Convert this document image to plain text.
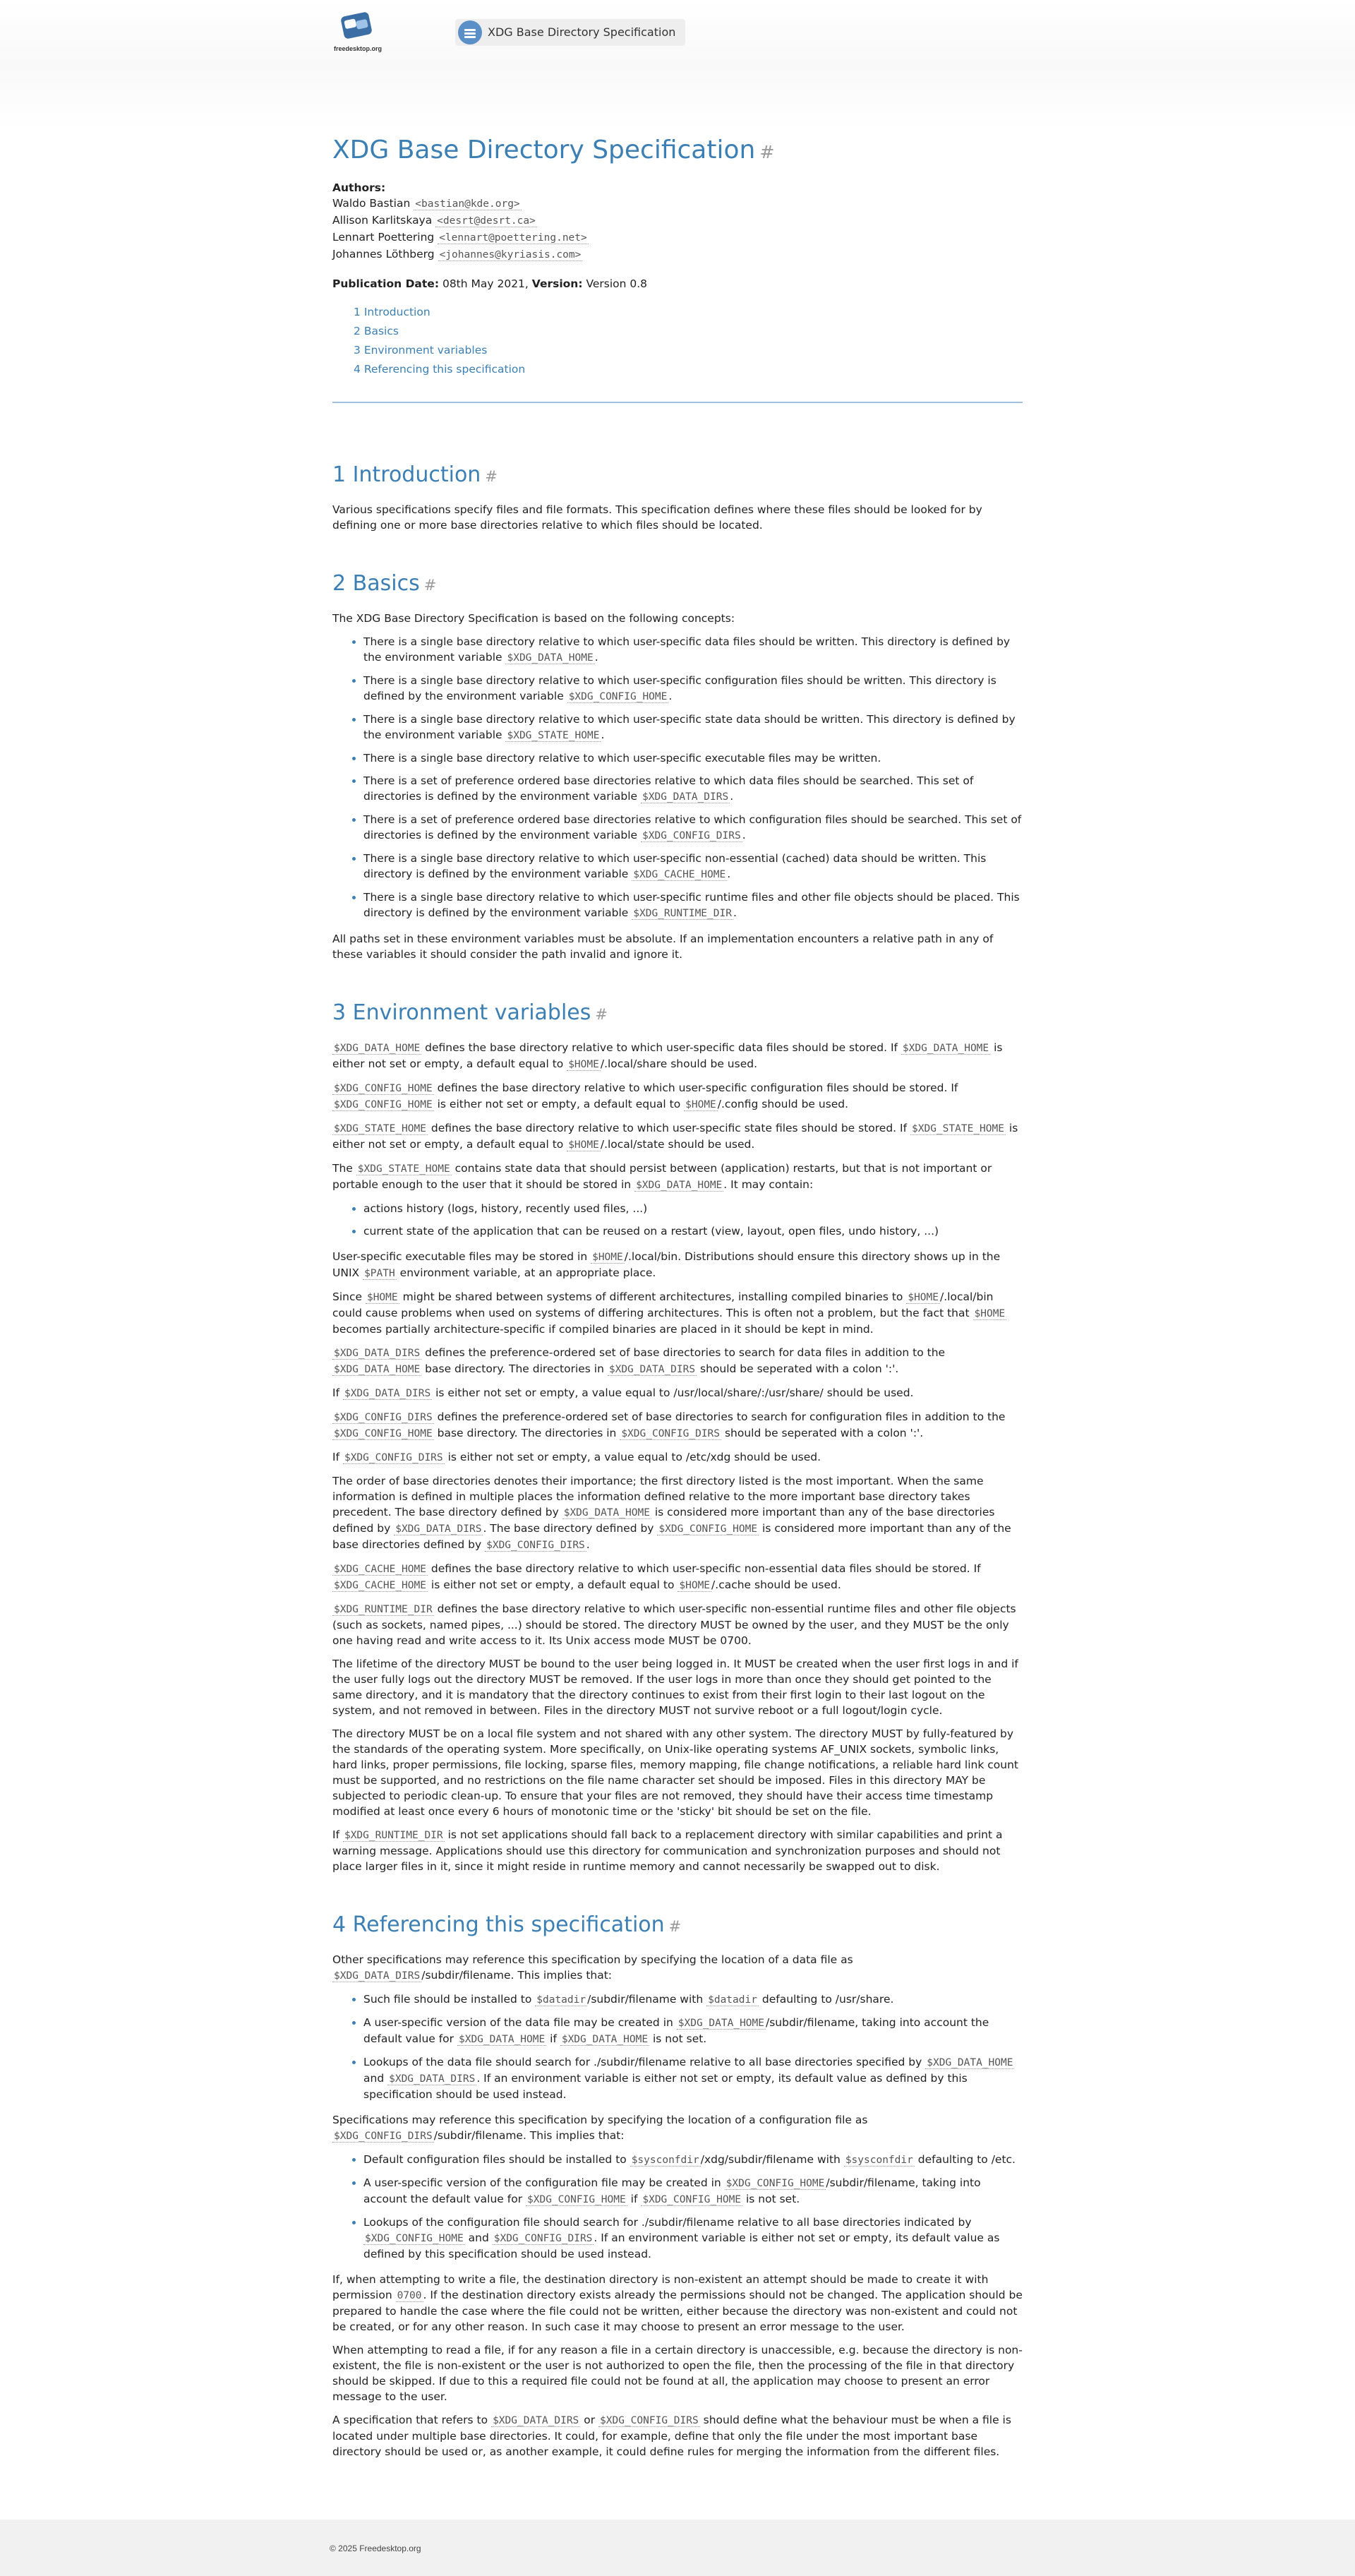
freedesktop.org
XDG Base Directory Specification
XDG Base Directory Specification #
Authors:
Waldo Bastian <bastian@kde.org>
Allison Karlitskaya <desrt@desrt.ca>
Lennart Poettering <lennart@poettering.net>
Johannes Löthberg <johannes@kyriasis.com>

Publication Date: 08th May 2021, Version: Version 0.8

1 Introduction
2 Basics
3 Environment variables
4 Referencing this specification
1 Introduction #

Various specifications specify files and file formats. This specification defines where these files should be looked for by defining one or more base directories relative to which files should be located.

2 Basics #

The XDG Base Directory Specification is based on the following concepts:

• There is a single base directory relative to which user-specific data files should be written. This directory is defined by the environment variable $XDG_DATA_HOME .
• There is a single base directory relative to which user-specific configuration files should be written. This directory is defined by the environment variable $XDG_CONFIG_HOME .
• There is a single base directory relative to which user-specific state data should be written. This directory is defined by the environment variable $XDG_STATE_HOME .
• There is a single base directory relative to which user-specific executable files may be written.
• There is a set of preference ordered base directories relative to which data files should be searched. This set of directories is defined by the environment variable $XDG_DATA_DIRS .
• There is a set of preference ordered base directories relative to which configuration files should be searched. This set of directories is defined by the environment variable $XDG_CONFIG_DIRS .
• There is a single base directory relative to which user-specific non-essential (cached) data should be written. This directory is defined by the environment variable $XDG_CACHE_HOME .
• There is a single base directory relative to which user-specific runtime files and other file objects should be placed. This directory is defined by the environment variable $XDG_RUNTIME_DIR .

All paths set in these environment variables must be absolute. If an implementation encounters a relative path in any of these variables it should consider the path invalid and ignore it.

3 Environment variables #

$XDG_DATA_HOME defines the base directory relative to which user-specific data files should be stored. If $XDG_DATA_HOME is either not set or empty, a default equal to $HOME /.local/share should be used.

$XDG_CONFIG_HOME defines the base directory relative to which user-specific configuration files should be stored. If $XDG_CONFIG_HOME is either not set or empty, a default equal to $HOME /.config should be used.

$XDG_STATE_HOME defines the base directory relative to which user-specific state files should be stored. If $XDG_STATE_HOME is either not set or empty, a default equal to $HOME /.local/state should be used.

The $XDG_STATE_HOME contains state data that should persist between (application) restarts, but that is not important or portable enough to the user that it should be stored in $XDG_DATA_HOME . It may contain:

• actions history (logs, history, recently used files, ...)
• current state of the application that can be reused on a restart (view, layout, open files, undo history, ...)

User-specific executable files may be stored in $HOME /.local/bin. Distributions should ensure this directory shows up in the UNIX $PATH environment variable, at an appropriate place.

Since $HOME might be shared between systems of different architectures, installing compiled binaries to $HOME /.local/bin could cause problems when used on systems of differing architectures. This is often not a problem, but the fact that $HOME becomes partially architecture-specific if compiled binaries are placed in it should be kept in mind.

$XDG_DATA_DIRS defines the preference-ordered set of base directories to search for data files in addition to the $XDG_DATA_HOME base directory. The directories in $XDG_DATA_DIRS should be seperated with a colon ':'.

If $XDG_DATA_DIRS is either not set or empty, a value equal to /usr/local/share/:/usr/share/ should be used.

$XDG_CONFIG_DIRS defines the preference-ordered set of base directories to search for configuration files in addition to the $XDG_CONFIG_HOME base directory. The directories in $XDG_CONFIG_DIRS should be seperated with a colon ':'.

If $XDG_CONFIG_DIRS is either not set or empty, a value equal to /etc/xdg should be used.

The order of base directories denotes their importance; the first directory listed is the most important. When the same information is defined in multiple places the information defined relative to the more important base directory takes precedent. The base directory defined by $XDG_DATA_HOME is considered more important than any of the base directories defined by $XDG_DATA_DIRS . The base directory defined by $XDG_CONFIG_HOME is considered more important than any of the base directories defined by $XDG_CONFIG_DIRS .

$XDG_CACHE_HOME defines the base directory relative to which user-specific non-essential data files should be stored. If $XDG_CACHE_HOME is either not set or empty, a default equal to $HOME /.cache should be used.

$XDG_RUNTIME_DIR defines the base directory relative to which user-specific non-essential runtime files and other file objects (such as sockets, named pipes, ...) should be stored. The directory MUST be owned by the user, and they MUST be the only one having read and write access to it. Its Unix access mode MUST be 0700.

The lifetime of the directory MUST be bound to the user being logged in. It MUST be created when the user first logs in and if the user fully logs out the directory MUST be removed. If the user logs in more than once they should get pointed to the same directory, and it is mandatory that the directory continues to exist from their first login to their last logout on the system, and not removed in between. Files in the directory MUST not survive reboot or a full logout/login cycle.

The directory MUST be on a local file system and not shared with any other system. The directory MUST by fully-featured by the standards of the operating system. More specifically, on Unix-like operating systems AF_UNIX sockets, symbolic links, hard links, proper permissions, file locking, sparse files, memory mapping, file change notifications, a reliable hard link count must be supported, and no restrictions on the file name character set should be imposed. Files in this directory MAY be subjected to periodic clean-up. To ensure that your files are not removed, they should have their access time timestamp modified at least once every 6 hours of monotonic time or the 'sticky' bit should be set on the file.

If $XDG_RUNTIME_DIR is not set applications should fall back to a replacement directory with similar capabilities and print a warning message. Applications should use this directory for communication and synchronization purposes and should not place larger files in it, since it might reside in runtime memory and cannot necessarily be swapped out to disk.

4 Referencing this specification #

Other specifications may reference this specification by specifying the location of a data file as $XDG_DATA_DIRS /subdir/filename. This implies that:

• Such file should be installed to $datadir /subdir/filename with $datadir defaulting to /usr/share.
• A user-specific version of the data file may be created in $XDG_DATA_HOME /subdir/filename, taking into account the default value for $XDG_DATA_HOME if $XDG_DATA_HOME is not set.
• Lookups of the data file should search for ./subdir/filename relative to all base directories specified by $XDG_DATA_HOME and $XDG_DATA_DIRS . If an environment variable is either not set or empty, its default value as defined by this specification should be used instead.

Specifications may reference this specification by specifying the location of a configuration file as $XDG_CONFIG_DIRS /subdir/filename. This implies that:

• Default configuration files should be installed to $sysconfdir /xdg/subdir/filename with $sysconfdir defaulting to /etc.
• A user-specific version of the configuration file may be created in $XDG_CONFIG_HOME /subdir/filename, taking into account the default value for $XDG_CONFIG_HOME if $XDG_CONFIG_HOME is not set.
• Lookups of the configuration file should search for ./subdir/filename relative to all base directories indicated by $XDG_CONFIG_HOME and $XDG_CONFIG_DIRS . If an environment variable is either not set or empty, its default value as defined by this specification should be used instead.

If, when attempting to write a file, the destination directory is non-existent an attempt should be made to create it with permission 0700 . If the destination directory exists already the permissions should not be changed. The application should be prepared to handle the case where the file could not be written, either because the directory was non-existent and could not be created, or for any other reason. In such case it may choose to present an error message to the user.

When attempting to read a file, if for any reason a file in a certain directory is unaccessible, e.g. because the directory is non-existent, the file is non-existent or the user is not authorized to open the file, then the processing of the file in that directory should be skipped. If due to this a required file could not be found at all, the application may choose to present an error message to the user.

A specification that refers to $XDG_DATA_DIRS or $XDG_CONFIG_DIRS should define what the behaviour must be when a file is located under multiple base directories. It could, for example, define that only the file under the most important base directory should be used or, as another example, it could define rules for merging the information from the different files.

© 2025 Freedesktop.org
